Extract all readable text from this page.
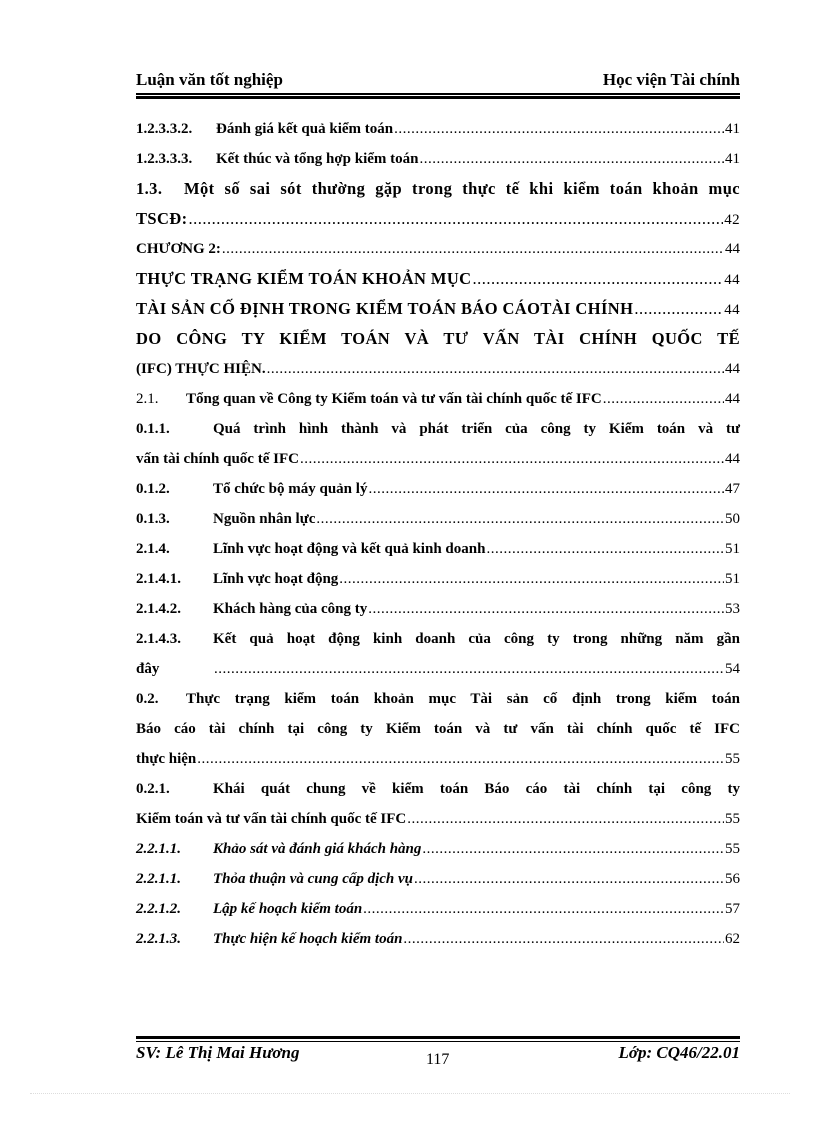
Luận văn tốt nghiệp	Học viện Tài chính
1.2.3.3.2.	Đánh giá kết quả kiểm toán .....	41
1.2.3.3.3.	Kết thúc và tổng hợp kiểm toán .....	41
1.3.	Một số sai sót thường gặp trong thực tế khi kiểm toán khoản mục
TSCĐ: .....	42
CHƯƠNG 2: .....	44
THỰC TRẠNG KIỂM TOÁN KHOẢN MỤC .....	44
TÀI SẢN CỐ ĐỊNH TRONG KIỂM TOÁN BÁO CÁOTÀI CHÍNH .....	44
DO CÔNG TY KIỂM TOÁN VÀ TƯ VẤN TÀI CHÍNH QUỐC TẾ
(IFC) THỰC HIỆN. .....	44
2.1.	Tổng quan về Công ty Kiểm toán và tư vấn tài chính quốc tế IFC .....	44
0.1.1.	Quá trình hình thành và phát triển của công ty Kiểm toán và tư
vấn tài chính quốc tế IFC .....	44
0.1.2.	Tổ chức bộ máy quản lý .....	47
0.1.3.	Nguồn nhân lực .....	50
2.1.4.	Lĩnh vực hoạt động và kết quả kinh doanh .....	51
2.1.4.1.	Lĩnh vực hoạt động .....	51
2.1.4.2.	Khách hàng của công ty .....	53
2.1.4.3.	Kết quả hoạt động kinh doanh của công ty trong những năm gần
đây .....	54
0.2.	Thực trạng kiểm toán khoản mục Tài sản cố định trong kiểm toán
Báo cáo tài chính tại công ty Kiểm toán và tư vấn tài chính quốc tế IFC
thực hiện .....	55
0.2.1.	Khái quát chung về kiểm toán Báo cáo tài chính tại công ty
Kiểm toán và tư vấn tài chính quốc tế IFC .....	55
2.2.1.1.	Khảo sát và đánh giá khách hàng .....	55
2.2.1.1.	Thỏa thuận và cung cấp dịch vụ .....	56
2.2.1.2.	Lập kế hoạch kiểm toán .....	57
2.2.1.3.	Thực hiện kế hoạch kiểm toán .....	62
SV: Lê Thị Mai Hương	117	Lớp: CQ46/22.01
